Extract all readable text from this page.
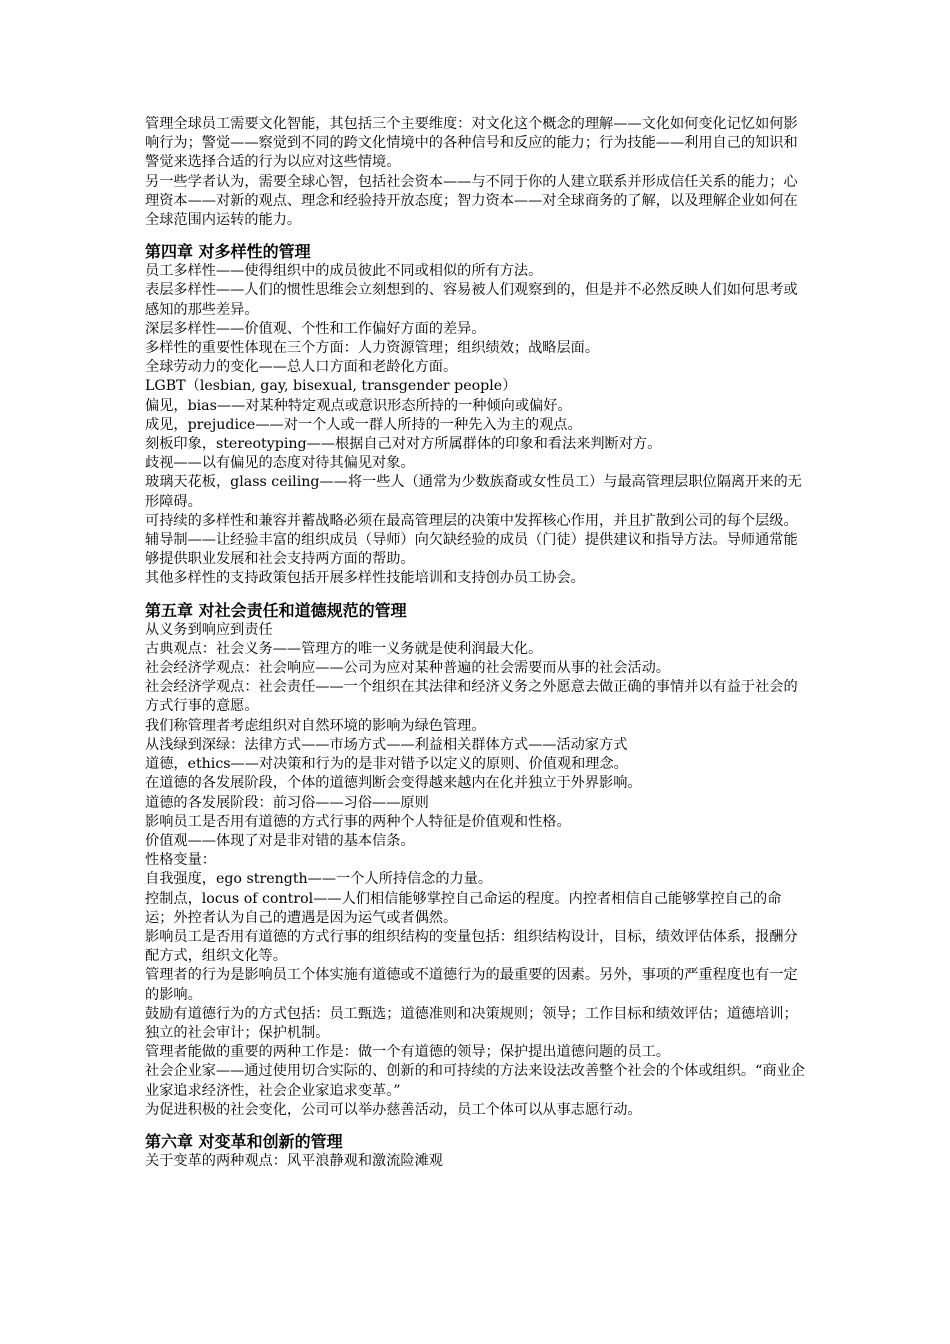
管理全球员工需要文化智能，其包括三个主要维度：对文化这个概念的理解——文化如何变化记忆如何影响行为；警觉——察觉到不同的跨文化情境中的各种信号和反应的能力；行为技能——利用自己的知识和警觉来选择合适的行为以应对这些情境。

另一些学者认为，需要全球心智，包括社会资本——与不同于你的人建立联系并形成信任关系的能力；心理资本——对新的观点、理念和经验持开放态度；智力资本——对全球商务的了解，以及理解企业如何在全球范围内运转的能力。

第四章 对多样性的管理

员工多样性——使得组织中的成员彼此不同或相似的所有方法。

表层多样性——人们的惯性思维会立刻想到的、容易被人们观察到的，但是并不必然反映人们如何思考或感知的那些差异。

深层多样性——价值观、个性和工作偏好方面的差异。

多样性的重要性体现在三个方面：人力资源管理；组织绩效；战略层面。

全球劳动力的变化——总人口方面和老龄化方面。

LGBT（lesbian, gay, bisexual, transgender people）

偏见，bias——对某种特定观点或意识形态所持的一种倾向或偏好。

成见，prejudice——对一个人或一群人所持的一种先入为主的观点。

刻板印象，stereotyping——根据自己对对方所属群体的印象和看法来判断对方。

歧视——以有偏见的态度对待其偏见对象。

玻璃天花板，glass ceiling——将一些人（通常为少数族裔或女性员工）与最高管理层职位隔离开来的无形障碍。

可持续的多样性和兼容并蓄战略必须在最高管理层的决策中发挥核心作用，并且扩散到公司的每个层级。

辅导制——让经验丰富的组织成员（导师）向欠缺经验的成员（门徒）提供建议和指导方法。导师通常能够提供职业发展和社会支持两方面的帮助。

其他多样性的支持政策包括开展多样性技能培训和支持创办员工协会。

第五章 对社会责任和道德规范的管理

从义务到响应到责任

古典观点：社会义务——管理方的唯一义务就是使利润最大化。

社会经济学观点：社会响应——公司为应对某种普遍的社会需要而从事的社会活动。

社会经济学观点：社会责任——一个组织在其法律和经济义务之外愿意去做正确的事情并以有益于社会的方式行事的意愿。

我们称管理者考虑组织对自然环境的影响为绿色管理。

从浅绿到深绿：法律方式——市场方式——利益相关群体方式——活动家方式

道德，ethics——对决策和行为的是非对错予以定义的原则、价值观和理念。

在道德的各发展阶段，个体的道德判断会变得越来越内在化并独立于外界影响。

道德的各发展阶段：前习俗——习俗——原则

影响员工是否用有道德的方式行事的两种个人特征是价值观和性格。

价值观——体现了对是非对错的基本信条。

性格变量：

自我强度，ego strength——一个人所持信念的力量。

控制点，locus of control——人们相信能够掌控自己命运的程度。内控者相信自己能够掌控自己的命运；外控者认为自己的遭遇是因为运气或者偶然。

影响员工是否用有道德的方式行事的组织结构的变量包括：组织结构设计，目标，绩效评估体系，报酬分配方式，组织文化等。

管理者的行为是影响员工个体实施有道德或不道德行为的最重要的因素。另外，事项的严重程度也有一定的影响。

鼓励有道德行为的方式包括：员工甄选；道德准则和决策规则；领导；工作目标和绩效评估；道德培训；独立的社会审计；保护机制。

管理者能做的重要的两种工作是：做一个有道德的领导；保护提出道德问题的员工。

社会企业家——通过使用切合实际的、创新的和可持续的方法来设法改善整个社会的个体或组织。“商业企业家追求经济性，社会企业家追求变革。”

为促进积极的社会变化，公司可以举办慈善活动，员工个体可以从事志愿行动。

第六章 对变革和创新的管理

关于变革的两种观点：风平浪静观和激流险滩观
